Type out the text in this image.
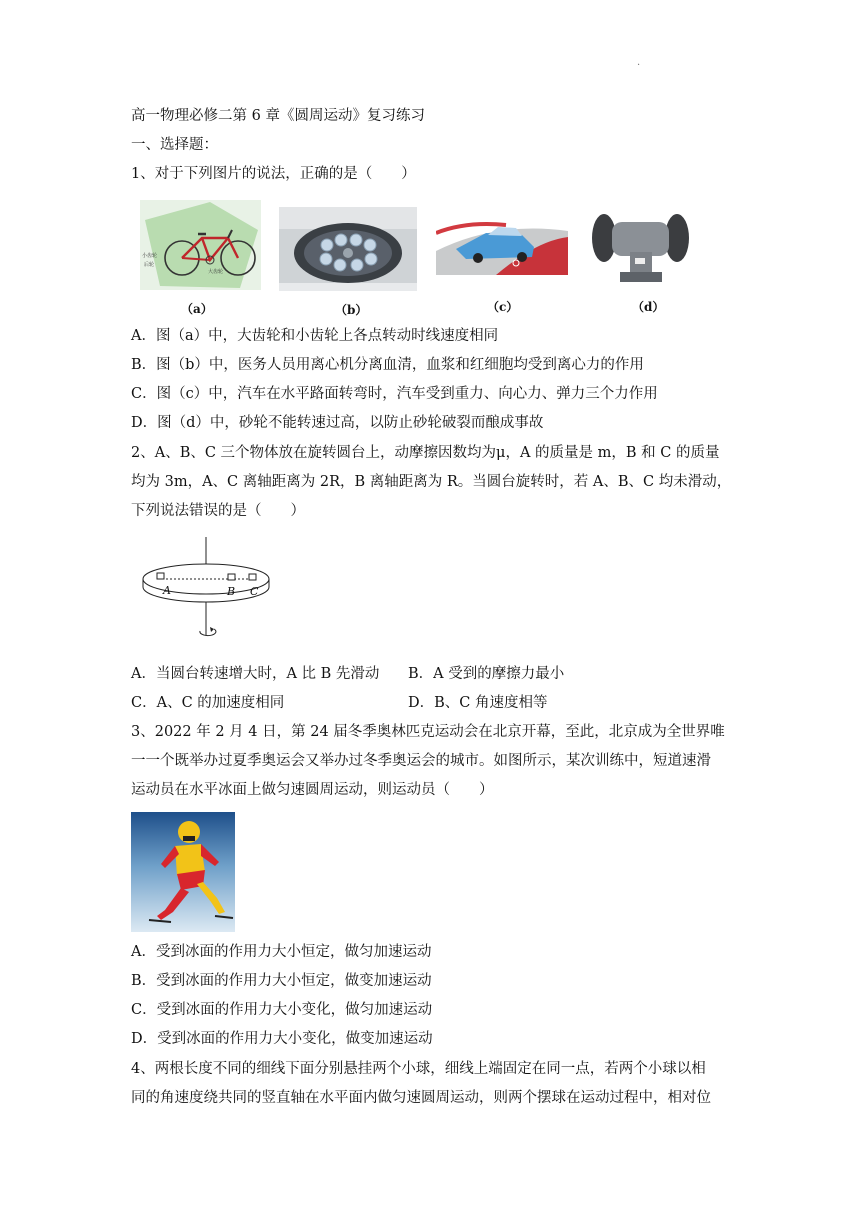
·
高一物理必修二第 6 章《圆周运动》复习练习
一、选择题：
1、对于下列图片的说法，正确的是（　　）
小齿轮
后轮
大齿轮
（a）	（b）	（c）	（d）
A．图（a）中，大齿轮和小齿轮上各点转动时线速度相同
B．图（b）中，医务人员用离心机分离血清，血浆和红细胞均受到离心力的作用
C．图（c）中，汽车在水平路面转弯时，汽车受到重力、向心力、弹力三个力作用
D．图（d）中，砂轮不能转速过高，以防止砂轮破裂而酿成事故
2、A、B、C 三个物体放在旋转圆台上，动摩擦因数均为μ，A 的质量是 m，B 和 C 的质量
均为 3m，A、C 离轴距离为 2R，B 离轴距离为 R。当圆台旋转时，若 A、B、C 均未滑动，
下列说法错误的是（　　）
A	B C
A．当圆台转速增大时，A 比 B 先滑动 B．A 受到的摩擦力最小
C．A、C 的加速度相同	D．B、C 角速度相等
3、2022 年 2 月 4 日，第 24 届冬季奥林匹克运动会在北京开幕，至此，北京成为全世界唯
一一个既举办过夏季奥运会又举办过冬季奥运会的城市。如图所示，某次训练中，短道速滑
运动员在水平冰面上做匀速圆周运动，则运动员（　　）
A．受到冰面的作用力大小恒定，做匀加速运动
B．受到冰面的作用力大小恒定，做变加速运动
C．受到冰面的作用力大小变化，做匀加速运动
D．受到冰面的作用力大小变化，做变加速运动
4、两根长度不同的细线下面分别悬挂两个小球，细线上端固定在同一点，若两个小球以相
同的角速度绕共同的竖直轴在水平面内做匀速圆周运动，则两个摆球在运动过程中，相对位
